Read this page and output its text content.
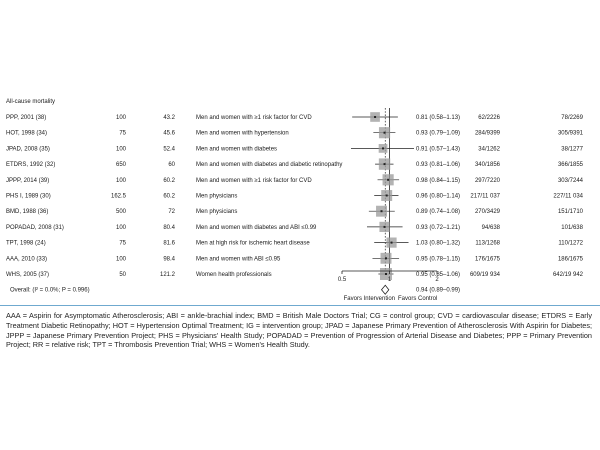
All-cause mortality
PPP, 2001 (38)	100	43.2	Men and women with ≥1 risk factor for CVD	0.81 (0.58–1.13)	62/2226	78/2269
HOT, 1998 (34)	75	45.6	Men and women with hypertension	0.93 (0.79–1.09) 284/9399	305/9391
JPAD, 2008 (35)	100	52.4	Men and women with diabetes	0.91 (0.57–1.43)	34/1262	38/1277
ETDRS, 1992 (32)	650	60	Men and women with diabetes and diabetic retinopathy	0.93 (0.81–1.06) 340/1856	366/1855
JPPP, 2014 (39)	100	60.2	Men and women with ≥1 risk factor for CVD	0.98 (0.84–1.15) 297/7220	303/7244
PHS I, 1989 (30)	162.5	60.2	Men physicians	0.96 (0.80–1.14) 217/11 037	227/11 034
BMD, 1988 (36)	500	72	Men physicians	0.89 (0.74–1.08) 270/3429	151/1710
POPADAD, 2008 (31)	100	80.4	Men and women with diabetes and ABI ≤0.99	0.93 (0.72–1.21)	94/638	101/638
TPT, 1998 (24)	75	81.6	Men at high risk for ischemic heart disease	1.03 (0.80–1.32)	113/1268	110/1272
AAA, 2010 (33)	100	98.4	Men and women with ABI ≤0.95	0.95 (0.78–1.15) 176/1675	186/1675
WHS, 2005 (37)	50	121.2	Women health professionals	0.95 (0.85–1.06) 609/19 934	642/19 942
Overall: (I² = 0.0%; P = 0.996)	0.94 (0.89–0.99)
0.5	1	2
Favors Intervention Favors Control

AAA = Aspirin for Asymptomatic Atherosclerosis; ABI = ankle-brachial index; BMD = British Male Doctors Trial; CG = control group; CVD = cardiovascular disease; ETDRS = Early Treatment Diabetic Retinopathy; HOT = Hypertension Optimal Treatment; IG = intervention group; JPAD = Japanese Primary Prevention of Atherosclerosis With Aspirin for Diabetes; JPPP = Japanese Primary Prevention Project; PHS = Physicians' Health Study; POPADAD = Prevention of Progression of Arterial Disease and Diabetes; PPP = Primary Prevention Project; RR = relative risk; TPT = Thrombosis Prevention Trial; WHS = Women's Health Study.
